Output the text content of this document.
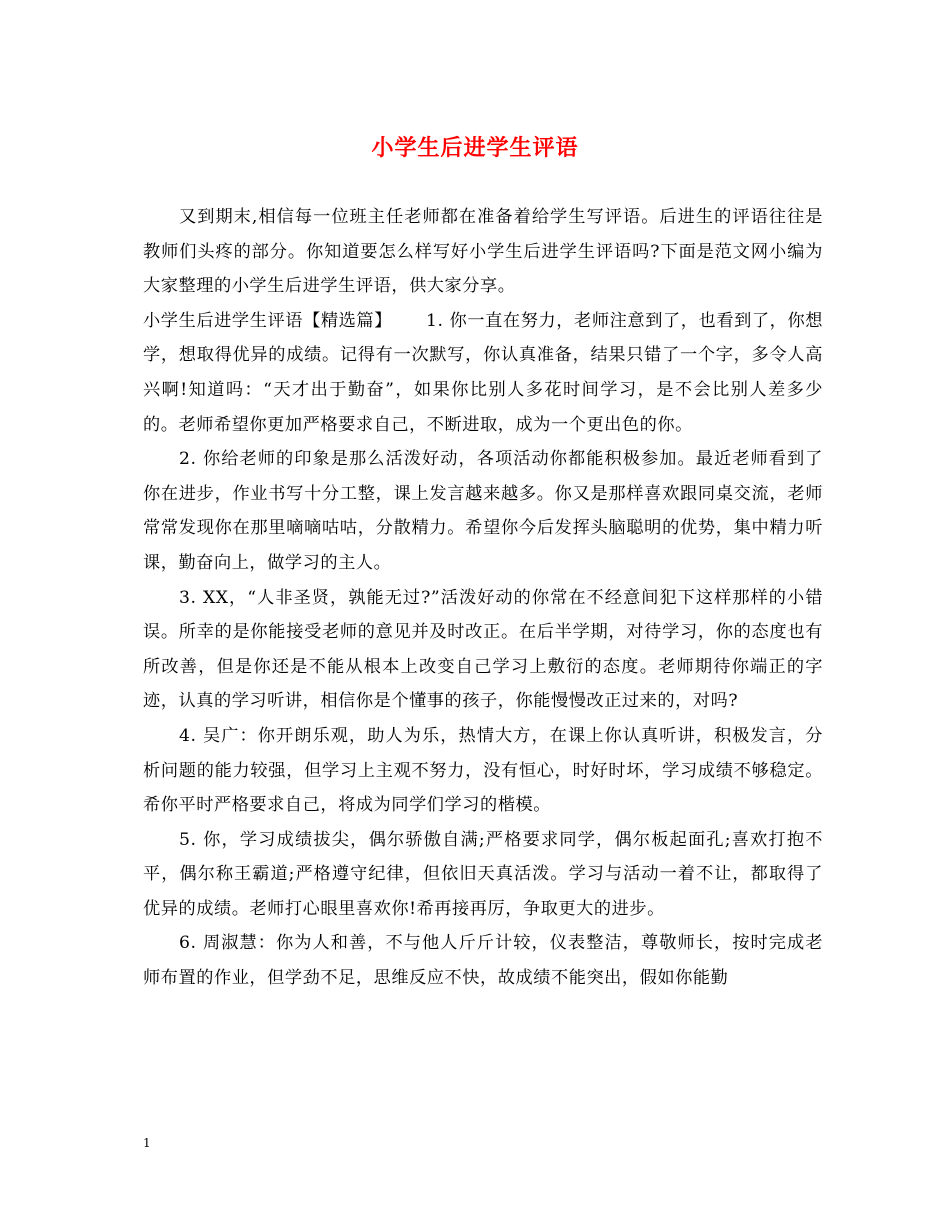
小学生后进学生评语

又到期末,相信每一位班主任老师都在准备着给学生写评语。后进生的评语往往是教师们头疼的部分。你知道要怎么样写好小学生后进学生评语吗?下面是范文网小编为大家整理的小学生后进学生评语，供大家分享。

小学生后进学生评语【精选篇】 1. 你一直在努力，老师注意到了，也看到了，你想学，想取得优异的成绩。记得有一次默写，你认真准备，结果只错了一个字，多令人高兴啊!知道吗：“天才出于勤奋”，如果你比别人多花时间学习，是不会比别人差多少的。老师希望你更加严格要求自己，不断进取，成为一个更出色的你。

2. 你给老师的印象是那么活泼好动，各项活动你都能积极参加。最近老师看到了你在进步，作业书写十分工整，课上发言越来越多。你又是那样喜欢跟同桌交流，老师常常发现你在那里嘀嘀咕咕，分散精力。希望你今后发挥头脑聪明的优势，集中精力听课，勤奋向上，做学习的主人。

3. XX，“人非圣贤，孰能无过?”活泼好动的你常在不经意间犯下这样那样的小错误。所幸的是你能接受老师的意见并及时改正。在后半学期，对待学习，你的态度也有所改善，但是你还是不能从根本上改变自己学习上敷衍的态度。老师期待你端正的字迹，认真的学习听讲，相信你是个懂事的孩子，你能慢慢改正过来的，对吗?

4. 吴广：你开朗乐观，助人为乐，热情大方，在课上你认真听讲，积极发言，分析问题的能力较强，但学习上主观不努力，没有恒心，时好时坏，学习成绩不够稳定。希你平时严格要求自己，将成为同学们学习的楷模。

5. 你，学习成绩拔尖，偶尔骄傲自满;严格要求同学，偶尔板起面孔;喜欢打抱不平，偶尔称王霸道;严格遵守纪律，但依旧天真活泼。学习与活动一着不让，都取得了优异的成绩。老师打心眼里喜欢你!希再接再厉，争取更大的进步。

6. 周淑慧：你为人和善，不与他人斤斤计较，仪表整洁，尊敬师长，按时完成老师布置的作业，但学劲不足，思维反应不快，故成绩不能突出，假如你能勤

1
